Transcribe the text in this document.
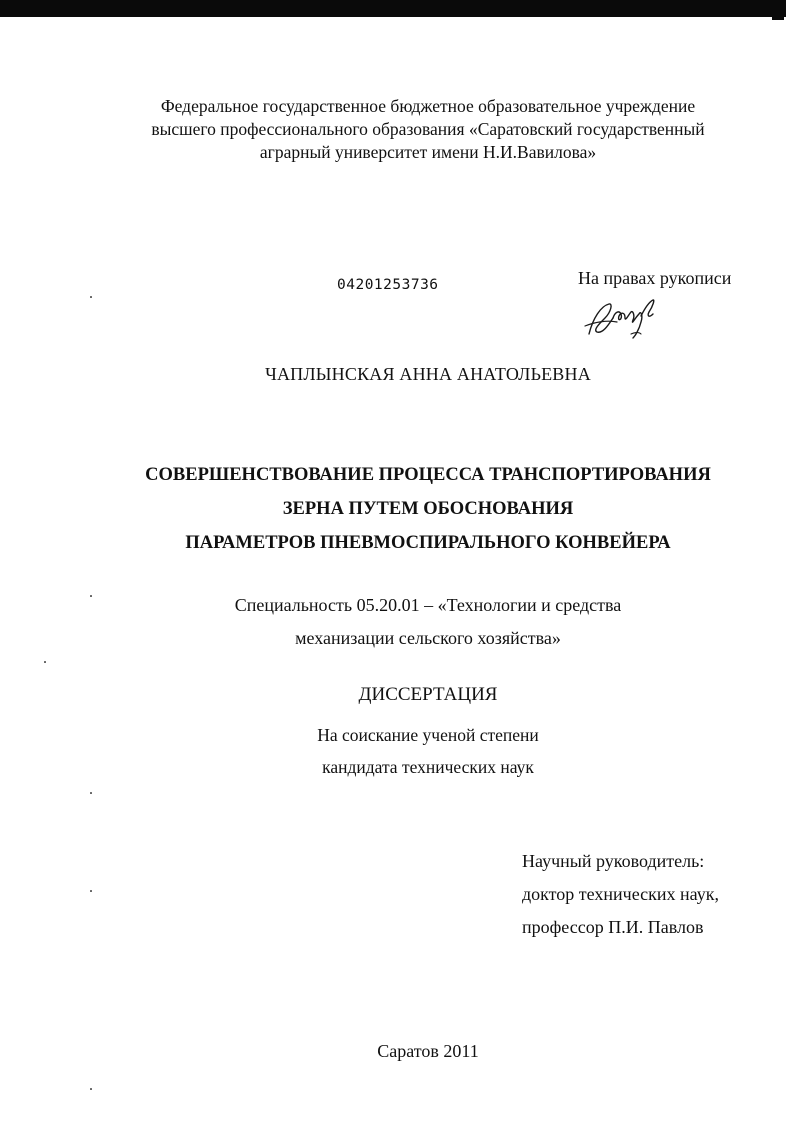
Федеральное государственное бюджетное образовательное учреждение
высшего профессионального образования «Саратовский государственный
аграрный университет имени Н.И.Вавилова»
04201253736	На правах рукописи
ЧАПЛЫНСКАЯ АННА АНАТОЛЬЕВНА
СОВЕРШЕНСТВОВАНИЕ ПРОЦЕССА ТРАНСПОРТИРОВАНИЯ
ЗЕРНА ПУТЕМ ОБОСНОВАНИЯ
ПАРАМЕТРОВ ПНЕВМОСПИРАЛЬНОГО КОНВЕЙЕРА
Специальность 05.20.01 – «Технологии и средства
механизации сельского хозяйства»
ДИССЕРТАЦИЯ
На соискание ученой степени
кандидата технических наук
Научный руководитель:
доктор технических наук,
профессор П.И. Павлов
Саратов 2011
